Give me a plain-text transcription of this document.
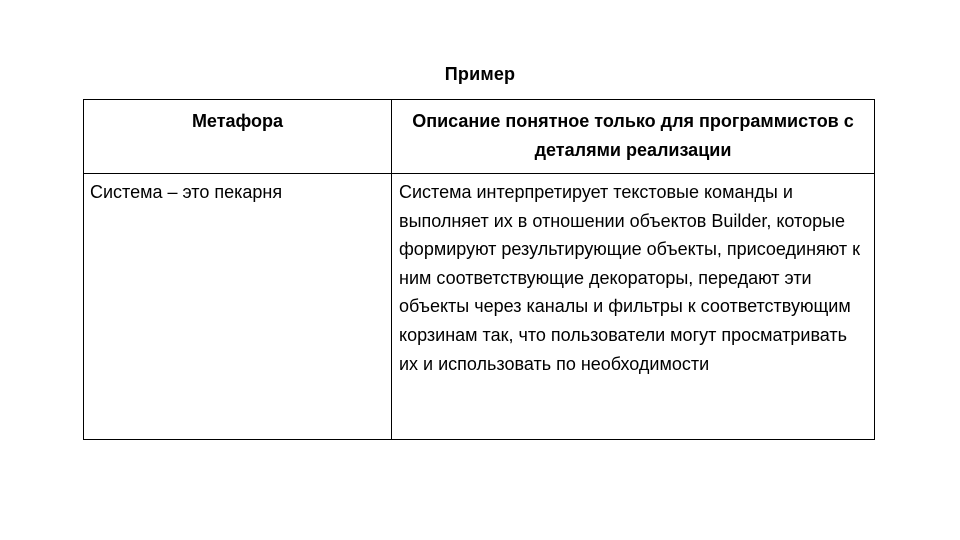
Пример
Метафора	Описание понятное только для программистов с деталями реализации
Система – это пекарня	Система интерпретирует текстовые команды и выполняет их в отношении объектов Builder, которые формируют результирующие объекты, присоединяют к ним соответствующие декораторы, передают эти объекты через каналы и фильтры к соответствующим корзинам так, что пользователи могут просматривать их и использовать по необходимости
